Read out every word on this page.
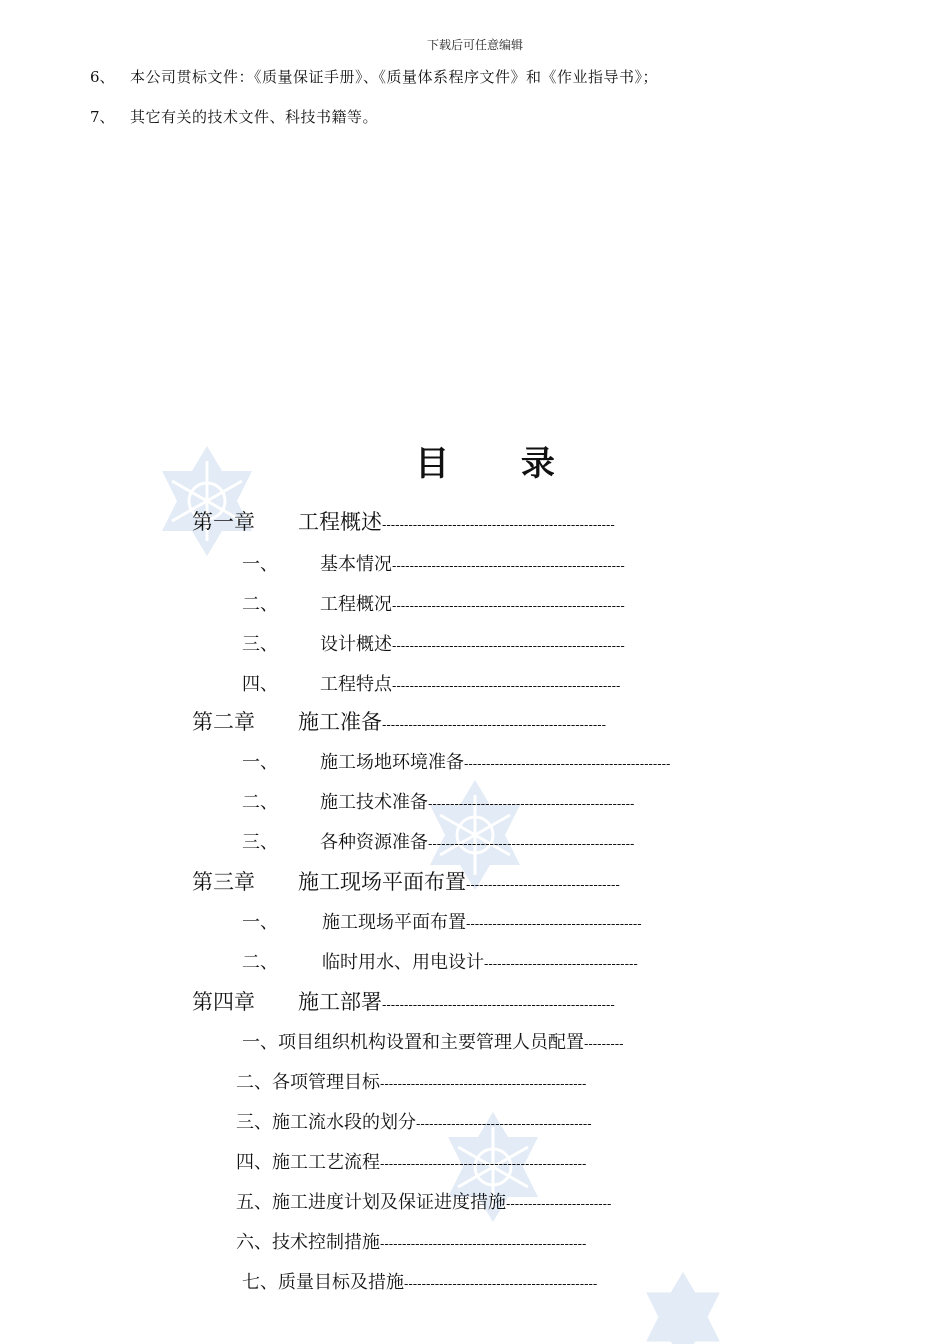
下载后可任意编辑
6、 本公司贯标文件：《质量保证手册》、《质量体系程序文件》和《作业指导书》；
7、 其它有关的技术文件、科技书籍等。
目 录
第一章 工程概述-----------------------------------------------------
一、 基本情况-----------------------------------------------------
二、 工程概况-----------------------------------------------------
三、 设计概述-----------------------------------------------------
四、 工程特点----------------------------------------------------
第二章 施工准备---------------------------------------------------
一、 施工场地环境准备-----------------------------------------------
二、 施工技术准备-----------------------------------------------
三、 各种资源准备-----------------------------------------------
第三章 施工现场平面布置-----------------------------------
一、 施工现场平面布置----------------------------------------
二、 临时用水、用电设计-----------------------------------
第四章 施工部署-----------------------------------------------------
一、项目组织机构设置和主要管理人员配置---------
二、各项管理目标-----------------------------------------------
三、施工流水段的划分----------------------------------------
四、施工工艺流程-----------------------------------------------
五、施工进度计划及保证进度措施------------------------
六、技术控制措施-----------------------------------------------
七、质量目标及措施--------------------------------------------
